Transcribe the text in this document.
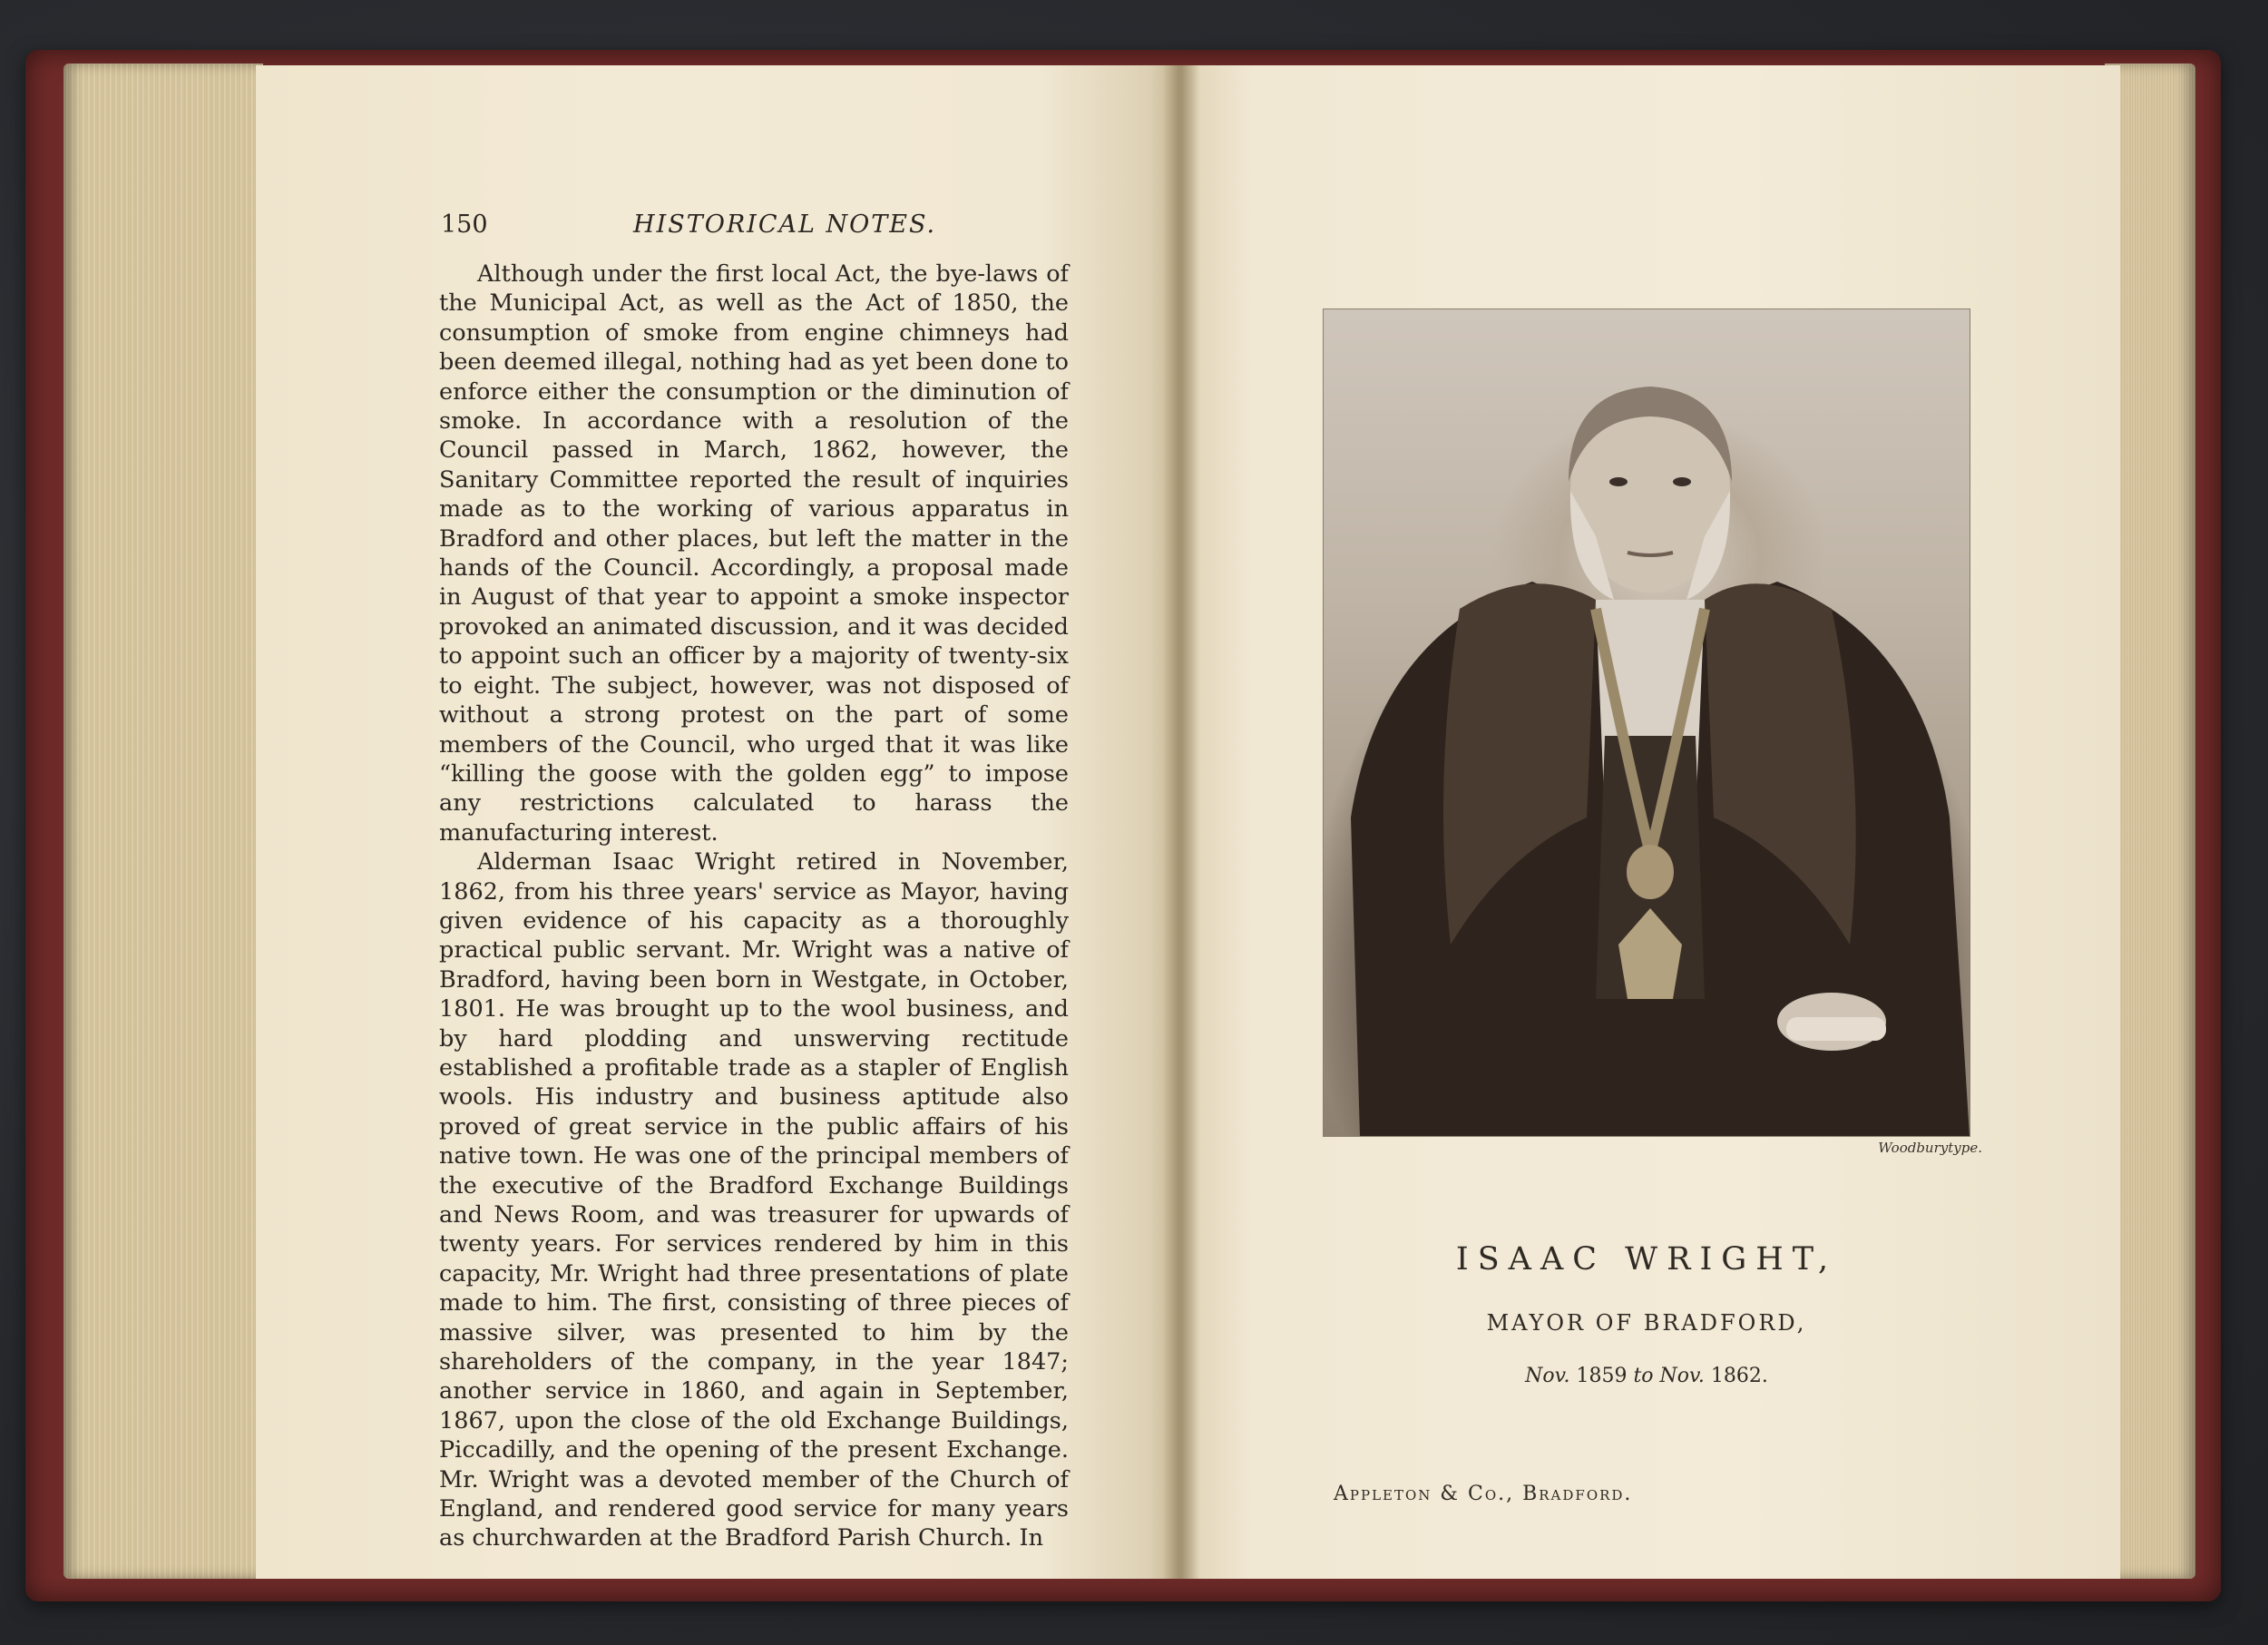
150	HISTORICAL NOTES.

Although under the first local Act, the bye-laws of the Municipal Act, as well as the Act of 1850, the consumption of smoke from engine chimneys had been deemed illegal, nothing had as yet been done to enforce either the consumption or the diminution of smoke. In accordance with a resolution of the Council passed in March, 1862, however, the Sanitary Committee reported the result of inquiries made as to the working of various apparatus in Bradford and other places, but left the matter in the hands of the Council. Accordingly, a proposal made in August of that year to appoint a smoke inspector provoked an animated discussion, and it was decided to appoint such an officer by a majority of twenty-six to eight. The subject, however, was not disposed of without a strong protest on the part of some members of the Council, who urged that it was like “killing the goose with the golden egg” to impose any restrictions calculated to harass the manufacturing interest.

Alderman Isaac Wright retired in November, 1862, from his three years' service as Mayor, having given evidence of his capacity as a thoroughly practical public servant. Mr. Wright was a native of Bradford, having been born in Westgate, in October, 1801. He was brought up to the wool business, and by hard plodding and unswerving rectitude established a profitable trade as a stapler of English wools. His industry and business aptitude also proved of great service in the public affairs of his native town. He was one of the principal members of the executive of the Bradford Exchange Buildings and News Room, and was treasurer for upwards of twenty years. For services rendered by him in this capacity, Mr. Wright had three presentations of plate made to him. The first, consisting of three pieces of massive silver, was presented to him by the shareholders of the company, in the year 1847; another service in 1860, and again in September, 1867, upon the close of the old Exchange Buildings, Piccadilly, and the opening of the present Exchange. Mr. Wright was a devoted member of the Church of England, and rendered good service for many years as churchwarden at the Bradford Parish Church. In

Woodburytype.
ISAAC WRIGHT,
MAYOR OF BRADFORD,
Nov. 1859 to Nov. 1862.
Appleton & Co., Bradford.
